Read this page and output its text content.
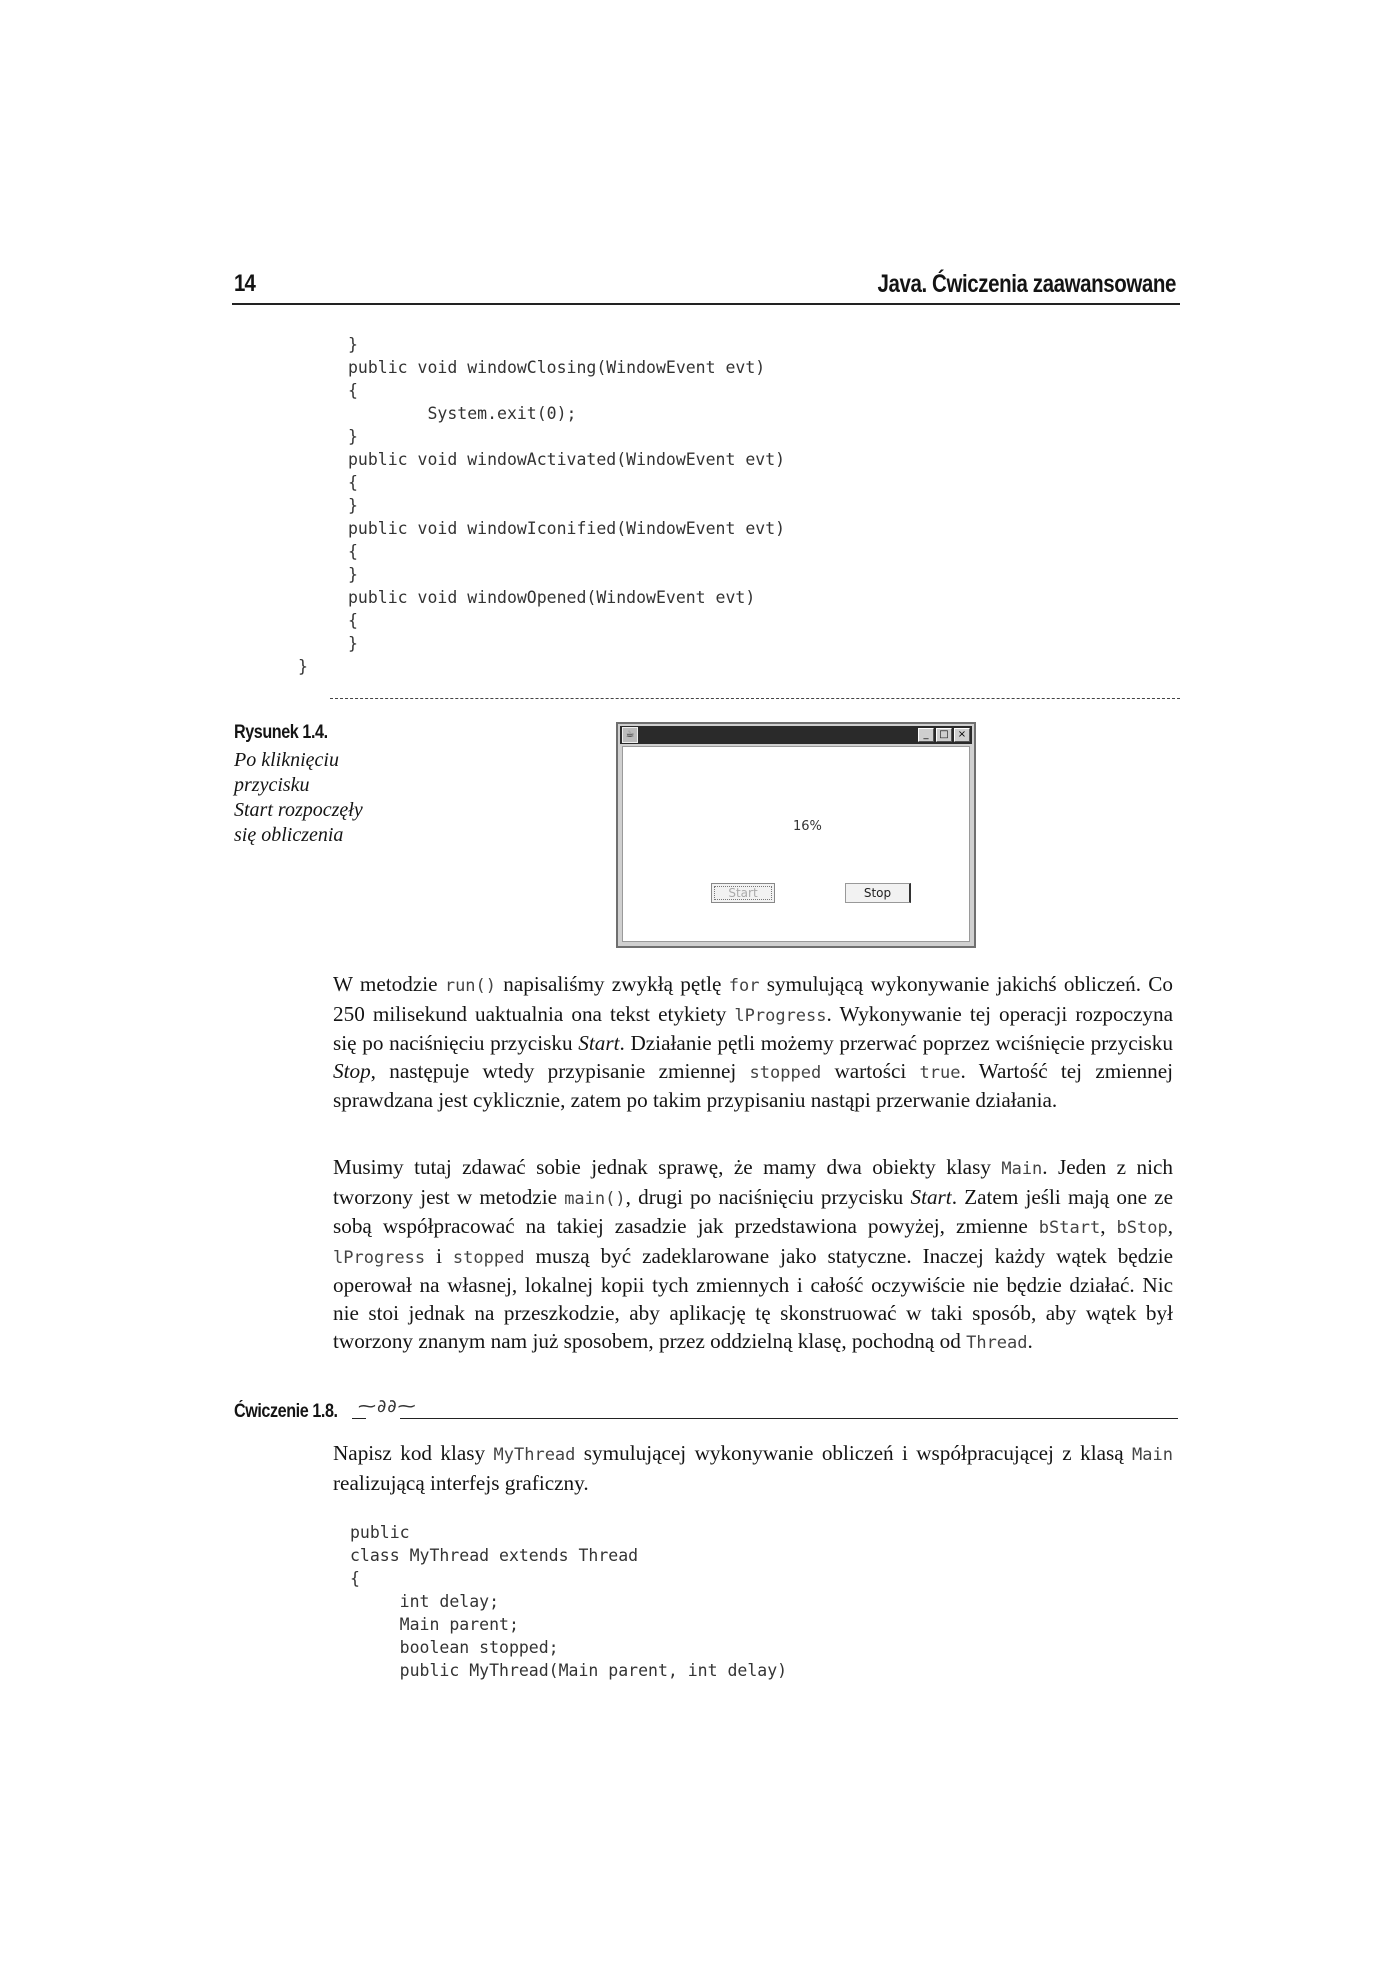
14	Java. Ćwiczenia zaawansowane
}
public void windowClosing(WindowEvent evt)
{
System.exit(0);
}
public void windowActivated(WindowEvent evt)
{
}
public void windowIconified(WindowEvent evt)
{
}
public void windowOpened(WindowEvent evt)
{
}
}
Rysunek 1.4.
Po kliknięciu
przycisku
Start rozpoczęły
się obliczenia
☕	_	□ ×
16%
Start	Stop

W metodzie run() napisaliśmy zwykłą pętlę for symulującą wykonywanie jakichś obliczeń. Co 250 milisekund uaktualnia ona tekst etykiety lProgress. Wykonywanie tej operacji rozpoczyna się po naciśnięciu przycisku Start. Działanie pętli możemy przerwać poprzez wciśnięcie przycisku Stop, następuje wtedy przypisanie zmiennej stopped wartości true. Wartość tej zmiennej sprawdzana jest cyklicznie, zatem po takim przypisaniu nastąpi przerwanie działania.

Musimy tutaj zdawać sobie jednak sprawę, że mamy dwa obiekty klasy Main. Jeden z nich tworzony jest w metodzie main(), drugi po naciśnięciu przycisku Start. Zatem jeśli mają one ze sobą współpracować na takiej zasadzie jak przedstawiona powyżej, zmienne bStart, bStop, lProgress i stopped muszą być zadeklarowane jako statyczne. Inaczej każdy wątek będzie operował na własnej, lokalnej kopii tych zmiennych i całość oczywiście nie będzie działać. Nic nie stoi jednak na przeszkodzie, aby aplikację tę skonstruować w taki sposób, aby wątek był tworzony znanym nam już sposobem, przez oddzielną klasę, pochodną od Thread.

Ćwiczenie 1.8. ⁓∂∂⁓

Napisz kod klasy MyThread symulującej wykonywanie obliczeń i współpracującej z klasą Main realizującą interfejs graficzny.

public
class MyThread extends Thread
{
int delay;
Main parent;
boolean stopped;
public MyThread(Main parent, int delay)
